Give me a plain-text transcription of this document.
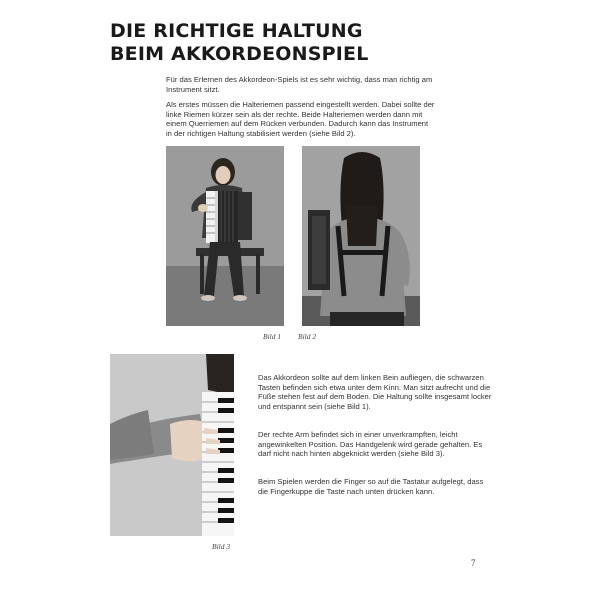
DIE RICHTIGE HALTUNG
BEIM AKKORDEONSPIEL

Für das Erlernen des Akkordeon-Spiels ist es sehr wichtig, dass man richtig am Instrument sitzt.

Als erstes müssen die Halteriemen passend eingestellt werden. Dabei sollte der linke Riemen kürzer sein als der rechte. Beide Halteriemen werden dann mit einem Querriemen auf dem Rücken verbunden. Dadurch kann das Instrument in der richtigen Haltung stabilisiert werden (siehe Bild 2).

Bild 1 Bild 2

Das Akkordeon sollte auf dem linken Bein aufliegen, die schwarzen Tasten befinden sich etwa unter dem Kinn. Man sitzt aufrecht und die Füße stehen fest auf dem Boden. Die Haltung sollte insgesamt locker und entspannt sein (siehe Bild 1).

Der rechte Arm befindet sich in einer unverkrampften, leicht angewinkelten Position. Das Handgelenk wird gerade gehalten. Es darf nicht nach hinten abgeknickt werden (siehe Bild 3).

Beim Spielen werden die Finger so auf die Tastatur aufgelegt, dass die Fingerkuppe die Taste nach unten drücken kann.

Bild 3
7
